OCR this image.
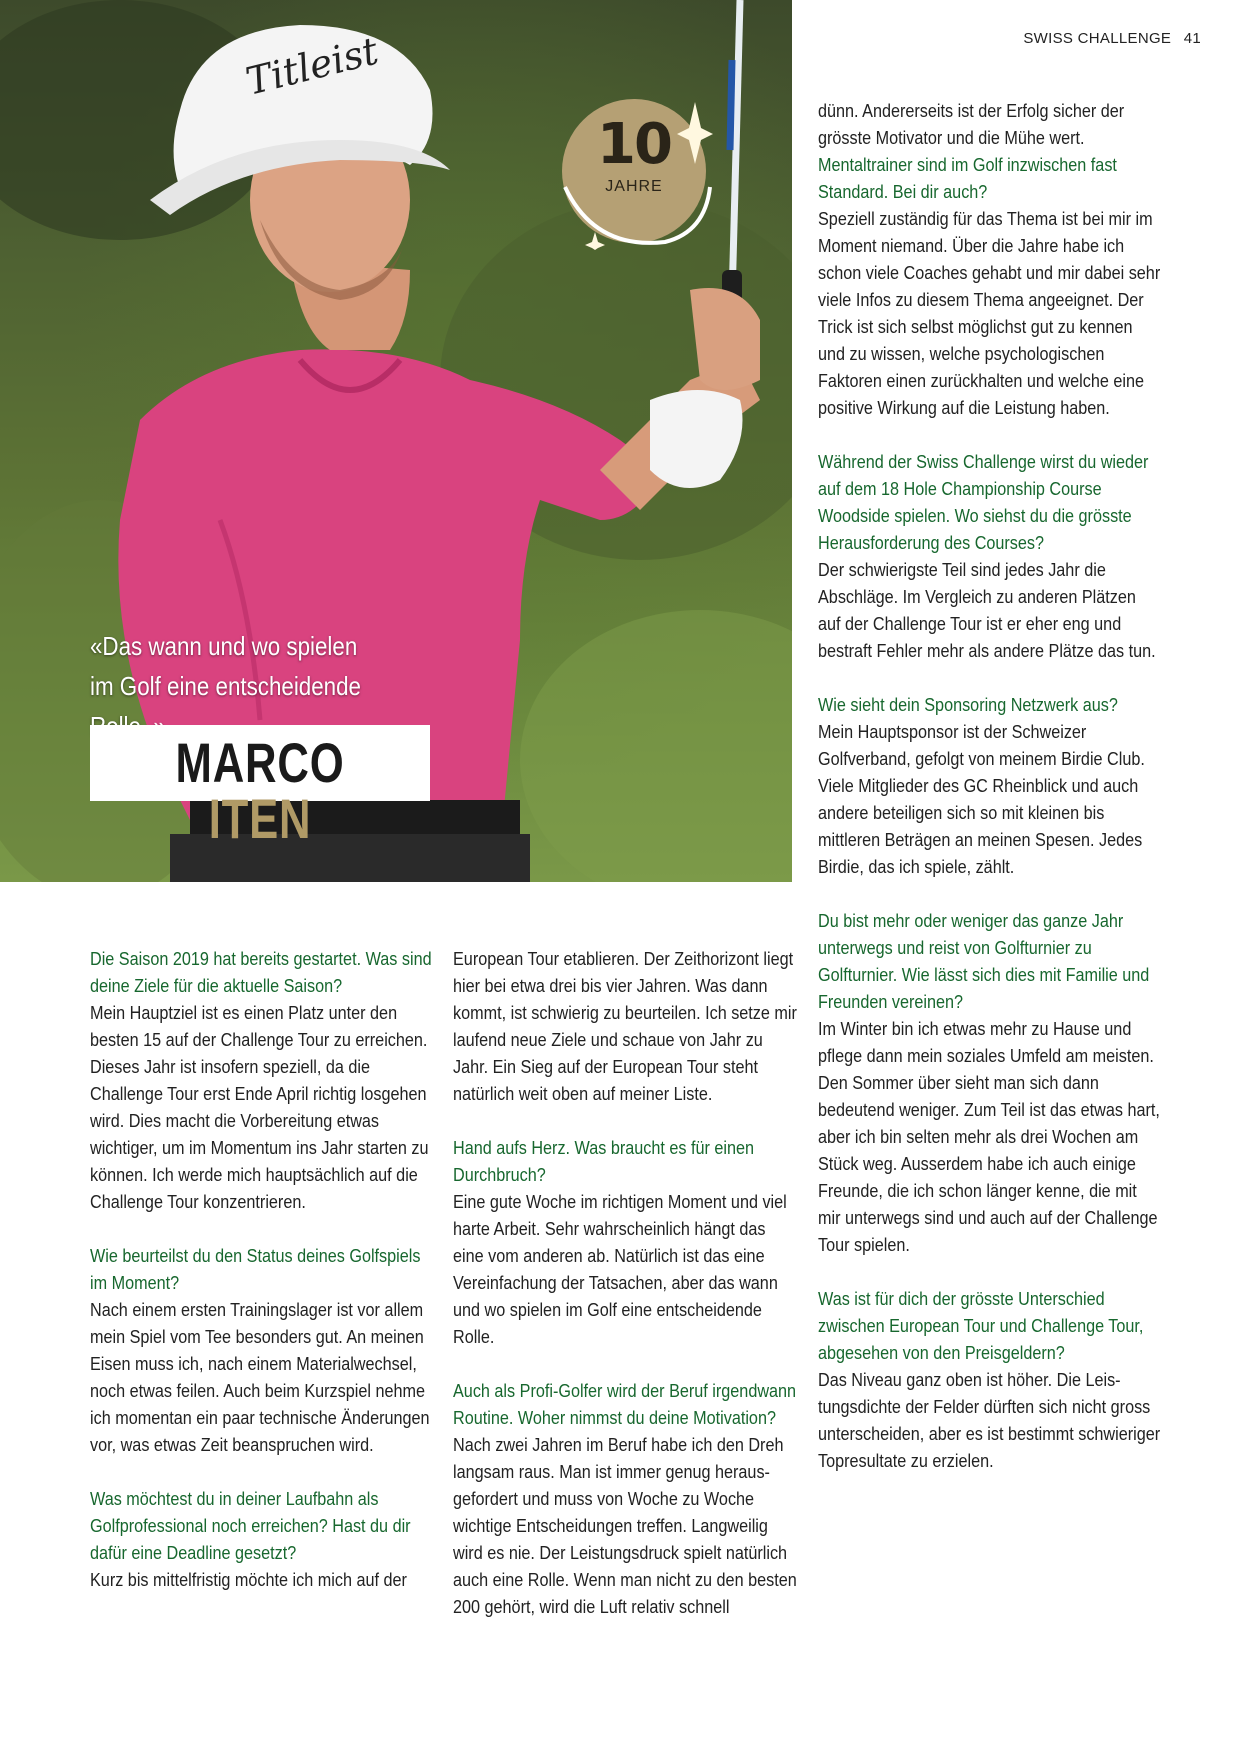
SWISS CHALLENGE 41
Titleist
10
JAHRE
«Das wann und wo spielen im Golf eine entscheidende
MARCO ITEN

Die Saison 2019 hat bereits gestartet. Was sind deine Ziele für die aktuelle Saison?

Mein Hauptziel ist es einen Platz unter den besten 15 auf der Challenge Tour zu erreichen. Dieses Jahr ist insofern speziell, da die Challenge Tour erst Ende April richtig losgehen wird. Dies macht die Vorbereitung etwas wichtiger, um im Momentum ins Jahr starten zu können. Ich werde mich hauptsächlich auf die Challenge Tour konzentrieren.

Wie beurteilst du den Status deines Golfspiels im Moment?

Nach einem ersten Trainingslager ist vor allem mein Spiel vom Tee besonders gut. An meinen Eisen muss ich, nach einem Materialwechsel, noch etwas feilen. Auch beim Kurzspiel nehme ich momentan ein paar technische Änderungen vor, was etwas Zeit beanspruchen wird.

Was möchtest du in deiner Laufbahn als Golfprofessional noch erreichen? Hast du dir dafür eine Deadline gesetzt?

Kurz bis mittelfristig möchte ich mich auf der

European Tour etablieren. Der Zeithorizont liegt hier bei etwa drei bis vier Jahren. Was dann kommt, ist schwierig zu beurteilen. Ich setze mir laufend neue Ziele und schaue von Jahr zu Jahr. Ein Sieg auf der European Tour steht natürlich weit oben auf meiner Liste.

Hand aufs Herz. Was braucht es für einen Durchbruch?

Eine gute Woche im richtigen Moment und viel harte Arbeit. Sehr wahrscheinlich hängt das eine vom anderen ab. Natürlich ist das eine Vereinfachung der Tatsachen, aber das wann und wo spielen im Golf eine entscheidende Rolle.

Auch als Profi-Golfer wird der Beruf irgendwann Routine. Woher nimmst du deine Motivation?

Nach zwei Jahren im Beruf habe ich den Dreh langsam raus. Man ist immer genug herausgefordert und muss von Woche zu Woche wichtige Entscheidungen treffen. Langweilig wird es nie. Der Leistungsdruck spielt natürlich auch eine Rolle. Wenn man nicht zu den besten 200 gehört, wird die Luft relativ schnell

dünn. Andererseits ist der Erfolg sicher der grösste Motivator und die Mühe wert.

Mentaltrainer sind im Golf inzwischen fast Standard. Bei dir auch?

Speziell zuständig für das Thema ist bei mir im Moment niemand. Über die Jahre habe ich schon viele Coaches gehabt und mir dabei sehr viele Infos zu diesem Thema angeeignet. Der Trick ist sich selbst möglichst gut zu kennen und zu wissen, welche psychologischen Faktoren einen zurückhalten und welche eine positive Wirkung auf die Leistung haben.

Während der Swiss Challenge wirst du wieder auf dem 18 Hole Championship Course Woodside spielen. Wo siehst du die grösste Herausforderung des Courses?

Der schwierigste Teil sind jedes Jahr die Abschläge. Im Vergleich zu anderen Plätzen auf der Challenge Tour ist er eher eng und bestraft Fehler mehr als andere Plätze das tun.

Wie sieht dein Sponsoring Netzwerk aus?

Mein Hauptsponsor ist der Schweizer Golfverband, gefolgt von meinem Birdie Club. Viele Mitglieder des GC Rheinblick und auch andere beteiligen sich so mit kleinen bis mittleren Beträgen an meinen Spesen. Jedes Birdie, das ich spiele, zählt.

Du bist mehr oder weniger das ganze Jahr unterwegs und reist von Golfturnier zu Golfturnier. Wie lässt sich dies mit Familie und Freunden vereinen?

Im Winter bin ich etwas mehr zu Hause und pflege dann mein soziales Umfeld am meisten. Den Sommer über sieht man sich dann bedeutend weniger. Zum Teil ist das etwas hart, aber ich bin selten mehr als drei Wochen am Stück weg. Ausserdem habe ich auch einige Freunde, die ich schon länger kenne, die mit mir unterwegs sind und auch auf der Challenge Tour spielen.

Was ist für dich der grösste Unterschied zwischen European Tour und Challenge Tour, abgesehen von den Preisgeldern?

Das Niveau ganz oben ist höher. Die Leistungsdichte der Felder dürften sich nicht gross unterscheiden, aber es ist bestimmt schwieriger Topresultate zu erzielen.
